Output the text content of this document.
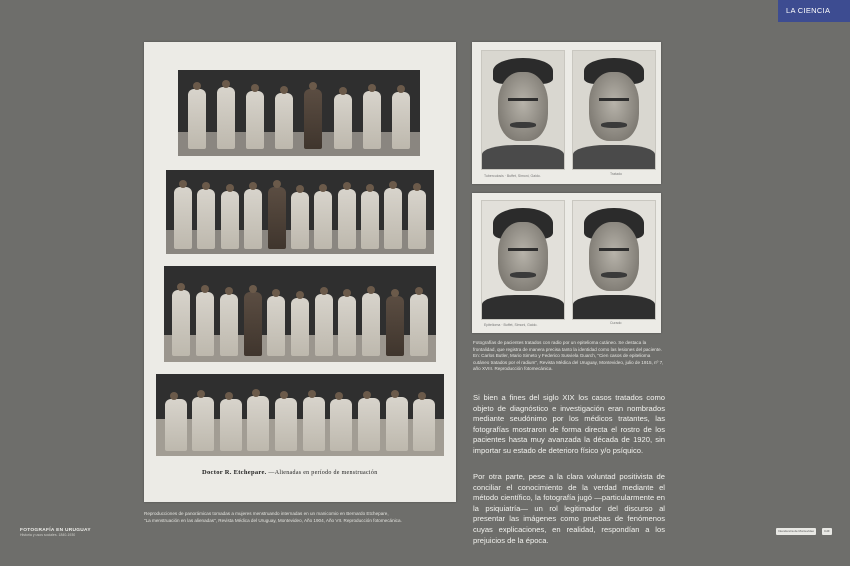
LA CIENCIA
Doctor R. Etchepare. —Alienadas en período de menstruación
Tuberculosis · Buffet, Simoni, Gaido.	Tratado
Epitelioma · Buffet, Simoni, Gaido.	Curado
Fotografías de pacientes tratados con radio por un epitelioma cutáneo. Se destaca la frontalidad, que registra de manera precisa tanto la identidad como las lesiones del paciente. En: Carlos Butler, Mario Simeto y Federico Susviela Guarch, "Cien casos de epitelioma cutáneo tratados por el radium", Revista Médica del Uruguay, Montevideo, julio de 1915, nº 7, año XVIII. Reproducción fotomecánica.
Si bien a fines del siglo XIX los casos tratados como objeto de diagnóstico e investigación eran nombrados mediante seudónimo por los médicos tratantes, las fotografías mostraron de forma directa el rostro de los pacientes hasta muy avanzada la década de 1920, sin importar su estado de deterioro físico y/o psíquico.
Por otra parte, pese a la clara voluntad positivista de conciliar el conocimiento de la verdad mediante el método científico, la fotografía jugó —particularmente en la psiquiatría— un rol legitimador del discurso al presentar las imágenes como pruebas de fenómenos cuyas explicaciones, en realidad, respondían a los prejuicios de la época.
Reproducciones de panorámicas tomadas a mujeres menstruando internadas en un manicomio en Bernardo Etchepare,
"La menstruación en las alienadas", Revista Médica del Uruguay, Montevideo, Año 1904, Año VII. Reproducción fotomecánica.
FOTOGRAFÍA EN URUGUAY
Historia y usos sociales. 1840-1930
Intendencia de Montevideo	CdF
